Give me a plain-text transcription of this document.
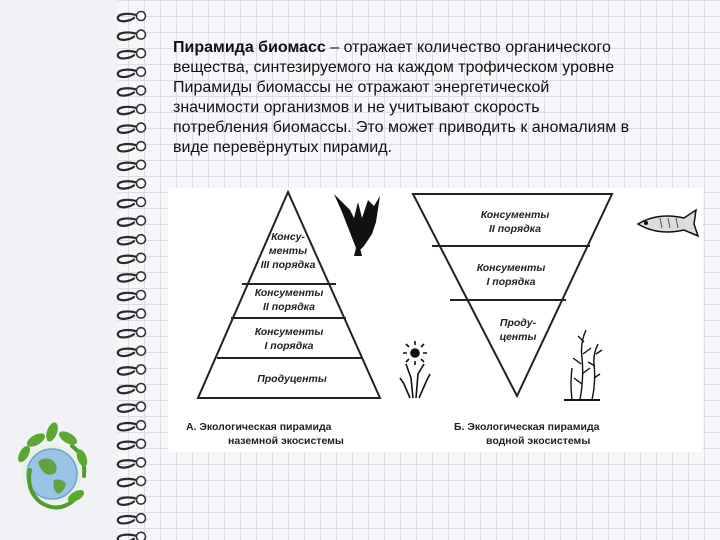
Пирамида биомасс – отражает количество органического
вещества, синтезируемого на каждом трофическом уровне
Пирамиды биомассы не отражают энергетической
значимости организмов и не учитывают скорость
потребления биомассы. Это может приводить к аномалиям в
виде перевёрнутых пирамид.

Консу-
менты
III порядка
Консументы
II порядка
Консументы
I порядка
Продуценты
Консументы
II порядка
Консументы
I порядка
Проду-
центы
А. Экологическая пирамида
наземной экосистемы
Б. Экологическая пирамида
водной экосистемы
